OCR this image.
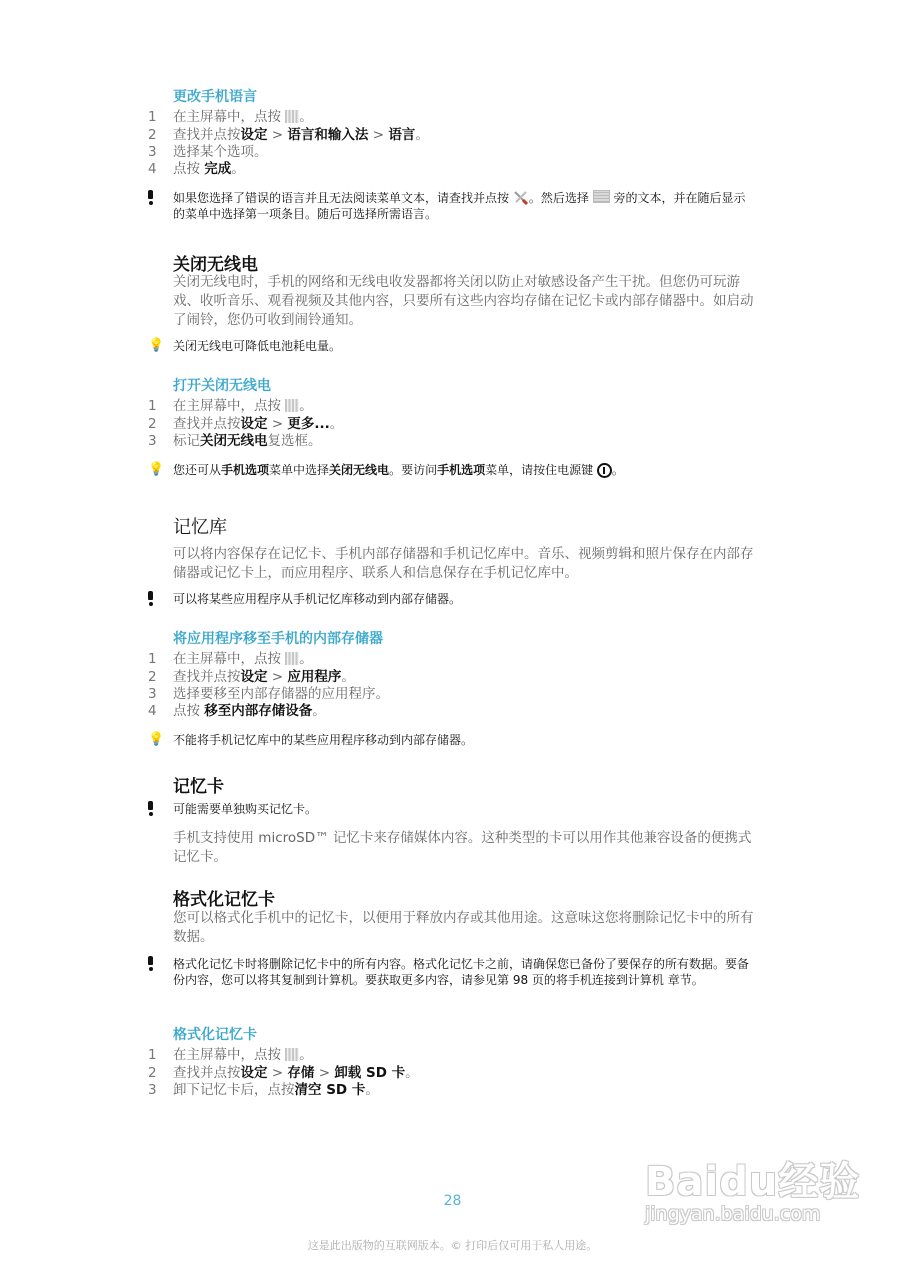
更改手机语言
1 在主屏幕中，点按 。
2 查找并点按设定 > 语言和输入法 > 语言。
3 选择某个选项。
4 点按 完成。
如果您选择了错误的语言并且无法阅读菜单文本，请查找并点按 。然后选择  旁的文本，并在随后显示的菜单中选择第一项条目。随后可选择所需语言。
关闭无线电
关闭无线电时，手机的网络和无线电收发器都将关闭以防止对敏感设备产生干扰。但您仍可玩游戏、收听音乐、观看视频及其他内容，只要所有这些内容均存储在记忆卡或内部存储器中。如启动了闹铃，您仍可收到闹铃通知。
💡 关闭无线电可降低电池耗电量。
打开关闭无线电
1 在主屏幕中，点按 。
2 查找并点按设定 > 更多...。
3 标记关闭无线电复选框。
💡 您还可从手机选项菜单中选择关闭无线电。要访问手机选项菜单，请按住电源键 。
记忆库
可以将内容保存在记忆卡、手机内部存储器和手机记忆库中。音乐、视频剪辑和照片保存在内部存储器或记忆卡上，而应用程序、联系人和信息保存在手机记忆库中。
可以将某些应用程序从手机记忆库移动到内部存储器。
将应用程序移至手机的内部存储器
1 在主屏幕中，点按 。
2 查找并点按设定 > 应用程序。
3 选择要移至内部存储器的应用程序。
4 点按 移至内部存储设备。
💡 不能将手机记忆库中的某些应用程序移动到内部存储器。
记忆卡
可能需要单独购买记忆卡。
手机支持使用 microSD™ 记忆卡来存储媒体内容。这种类型的卡可以用作其他兼容设备的便携式记忆卡。
格式化记忆卡
您可以格式化手机中的记忆卡，以便用于释放内存或其他用途。这意味这您将删除记忆卡中的所有数据。
格式化记忆卡时将删除记忆卡中的所有内容。格式化记忆卡之前，请确保您已备份了要保存的所有数据。要备份内容，您可以将其复制到计算机。要获取更多内容，请参见第 98 页的将手机连接到计算机 章节。
格式化记忆卡
1 在主屏幕中，点按 。
2 查找并点按设定 > 存储 > 卸载 SD 卡。
3 卸下记忆卡后，点按清空 SD 卡。
28
这是此出版物的互联网版本。© 打印后仅可用于私人用途。
Baidu经验
jingyan.baidu.com
